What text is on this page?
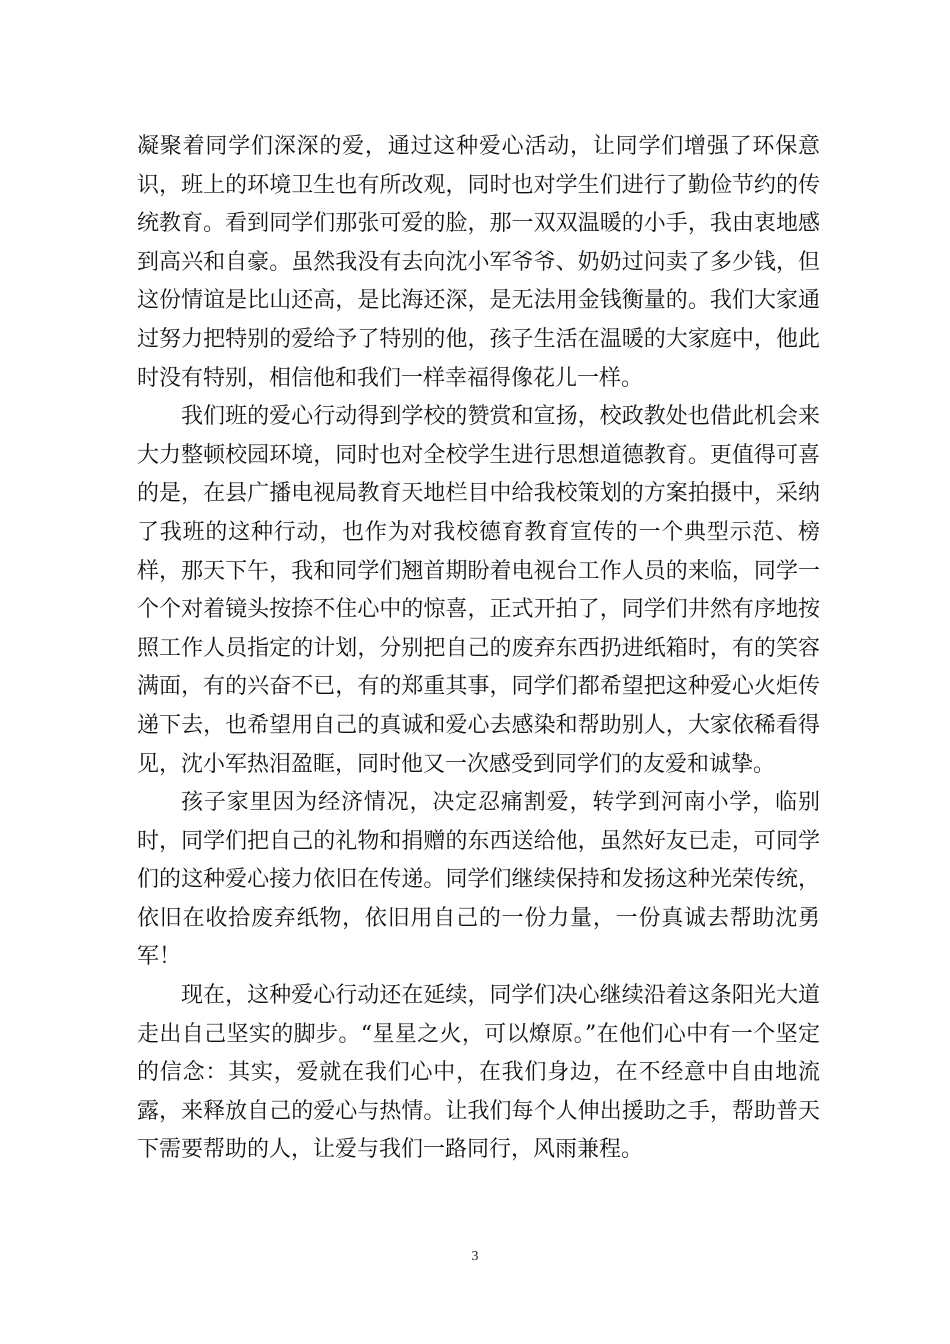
凝聚着同学们深深的爱，通过这种爱心活动，让同学们增强了环保意识，班上的环境卫生也有所改观，同时也对学生们进行了勤俭节约的传统教育。看到同学们那张可爱的脸，那一双双温暖的小手，我由衷地感到高兴和自豪。虽然我没有去向沈小军爷爷、奶奶过问卖了多少钱，但这份情谊是比山还高，是比海还深，是无法用金钱衡量的。我们大家通过努力把特别的爱给予了特别的他，孩子生活在温暖的大家庭中，他此时没有特别，相信他和我们一样幸福得像花儿一样。

我们班的爱心行动得到学校的赞赏和宣扬，校政教处也借此机会来大力整顿校园环境，同时也对全校学生进行思想道德教育。更值得可喜的是，在县广播电视局教育天地栏目中给我校策划的方案拍摄中，采纳了我班的这种行动，也作为对我校德育教育宣传的一个典型示范、榜样，那天下午，我和同学们翘首期盼着电视台工作人员的来临，同学一个个对着镜头按捺不住心中的惊喜，正式开拍了，同学们井然有序地按照工作人员指定的计划，分别把自己的废弃东西扔进纸箱时，有的笑容满面，有的兴奋不已，有的郑重其事，同学们都希望把这种爱心火炬传递下去，也希望用自己的真诚和爱心去感染和帮助别人，大家依稀看得见，沈小军热泪盈眶，同时他又一次感受到同学们的友爱和诚挚。

孩子家里因为经济情况，决定忍痛割爱，转学到河南小学，临别时，同学们把自己的礼物和捐赠的东西送给他，虽然好友已走，可同学们的这种爱心接力依旧在传递。同学们继续保持和发扬这种光荣传统，依旧在收拾废弃纸物，依旧用自己的一份力量，一份真诚去帮助沈勇军！

现在，这种爱心行动还在延续，同学们决心继续沿着这条阳光大道走出自己坚实的脚步。“星星之火，可以燎原。”在他们心中有一个坚定的信念：其实，爱就在我们心中，在我们身边，在不经意中自由地流露，来释放自己的爱心与热情。让我们每个人伸出援助之手，帮助普天下需要帮助的人，让爱与我们一路同行，风雨兼程。

3
